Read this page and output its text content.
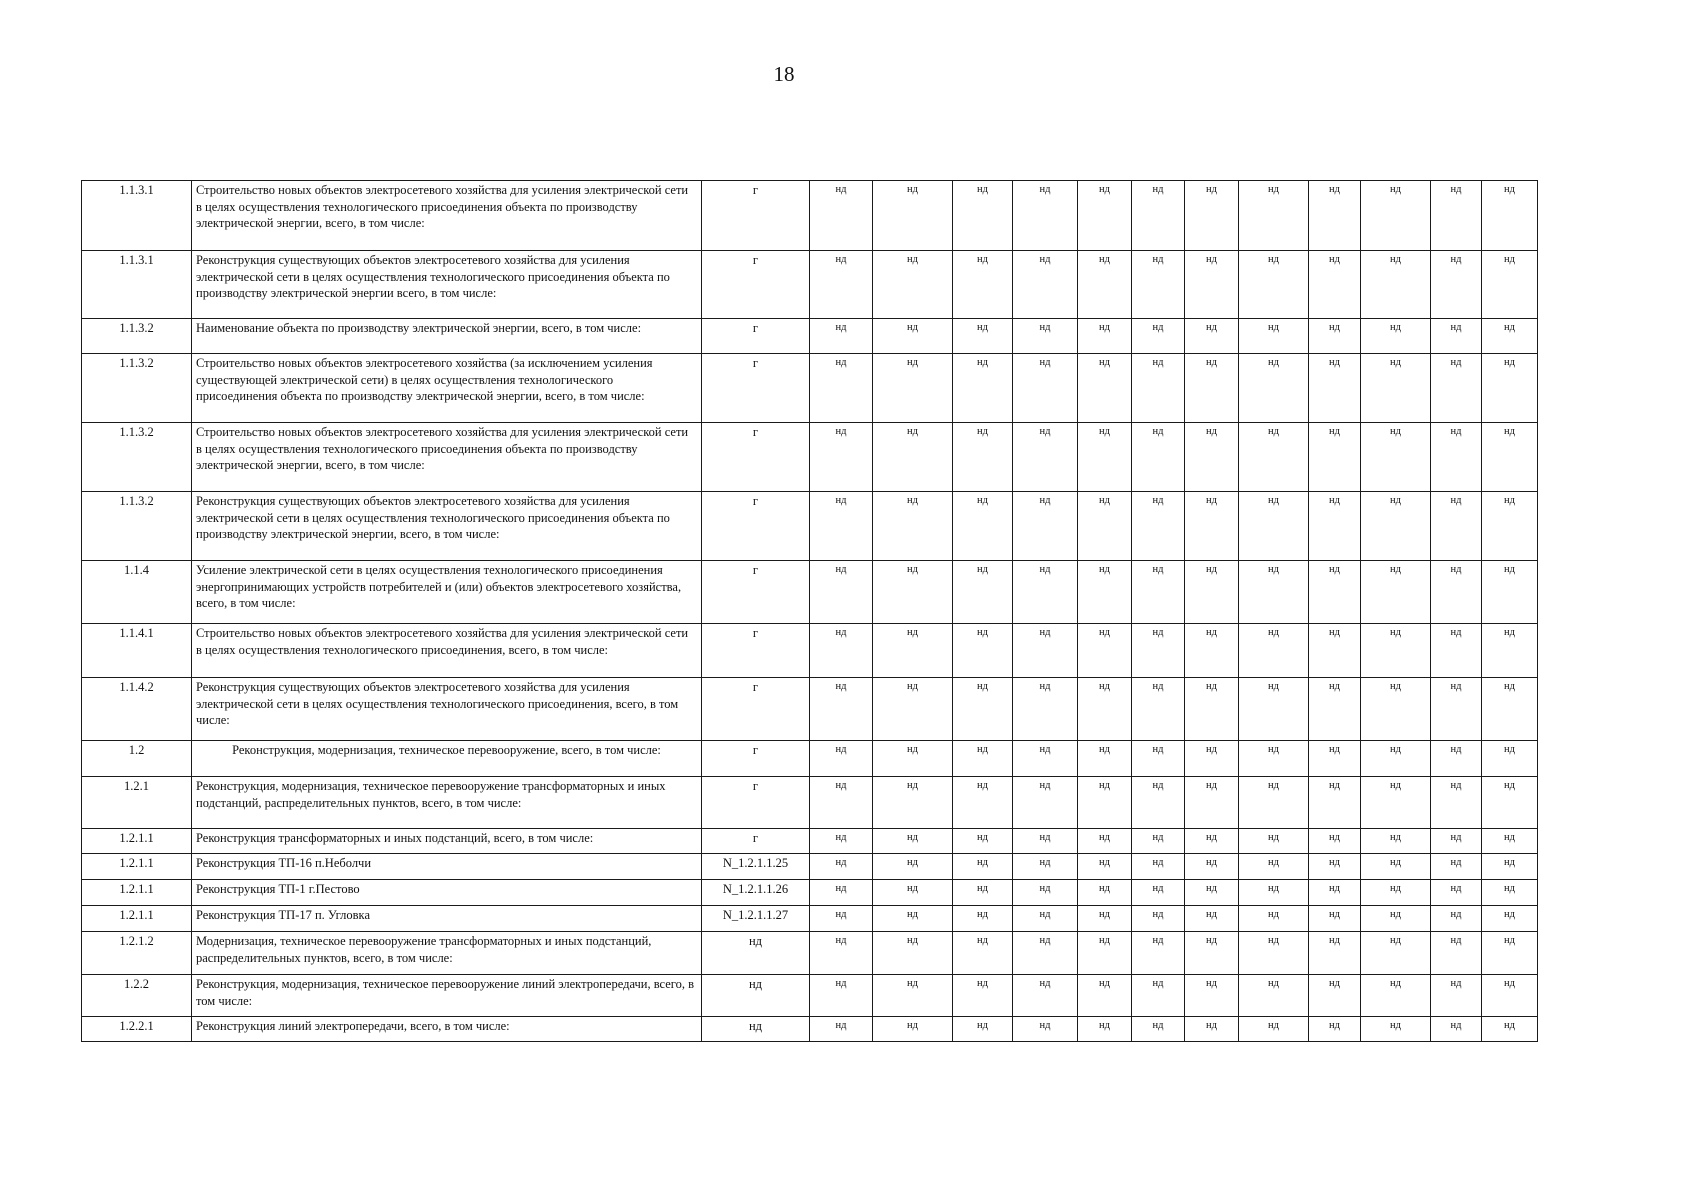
18
1.1.3.1	Строительство новых объектов электросетевого хозяйства для усиления электрической сети в целях осуществления технологического присоединения объекта по производству электрической энергии, всего, в том числе:	г	нд	нд	нд	нд	нд	нд	нд	нд	нд	нд	нд	нд
1.1.3.1	Реконструкция существующих объектов электросетевого хозяйства для усиления электрической сети в целях осуществления технологического присоединения объекта по производству электрической энергии всего, в том числе:	г	нд	нд	нд	нд	нд	нд	нд	нд	нд	нд	нд	нд
1.1.3.2	Наименование объекта по производству электрической энергии, всего, в том числе:	г	нд	нд	нд	нд	нд	нд	нд	нд	нд	нд	нд	нд
1.1.3.2	Строительство новых объектов электросетевого хозяйства (за исключением усиления существующей электрической сети) в целях осуществления технологического присоединения объекта по производству электрической энергии, всего, в том числе:	г	нд	нд	нд	нд	нд	нд	нд	нд	нд	нд	нд	нд
1.1.3.2	Строительство новых объектов электросетевого хозяйства для усиления электрической сети в целях осуществления технологического присоединения объекта по производству электрической энергии, всего, в том числе:	г	нд	нд	нд	нд	нд	нд	нд	нд	нд	нд	нд	нд
1.1.3.2	Реконструкция существующих объектов электросетевого хозяйства для усиления электрической сети в целях осуществления технологического присоединения объекта по производству электрической энергии, всего, в том числе:	г	нд	нд	нд	нд	нд	нд	нд	нд	нд	нд	нд	нд
1.1.4	Усиление электрической сети в целях осуществления технологического присоединения энергопринимающих устройств потребителей и (или) объектов электросетевого хозяйства, всего, в том числе:	г	нд	нд	нд	нд	нд	нд	нд	нд	нд	нд	нд	нд
1.1.4.1	Строительство новых объектов электросетевого хозяйства для усиления электрической сети в целях осуществления технологического присоединения, всего, в том числе:	г	нд	нд	нд	нд	нд	нд	нд	нд	нд	нд	нд	нд
1.1.4.2	Реконструкция существующих объектов электросетевого хозяйства для усиления электрической сети в целях осуществления технологического присоединения, всего, в том числе:	г	нд	нд	нд	нд	нд	нд	нд	нд	нд	нд	нд	нд
1.2	Реконструкция, модернизация, техническое перевооружение, всего, в том числе:	г	нд	нд	нд	нд	нд	нд	нд	нд	нд	нд	нд	нд
1.2.1	Реконструкция, модернизация, техническое перевооружение трансформаторных и иных подстанций, распределительных пунктов, всего, в том числе:	г	нд	нд	нд	нд	нд	нд	нд	нд	нд	нд	нд	нд
1.2.1.1	Реконструкция трансформаторных и иных подстанций, всего, в том числе:	г	нд	нд	нд	нд	нд	нд	нд	нд	нд	нд	нд	нд
1.2.1.1	Реконструкция ТП-16 п.Неболчи	N_1.2.1.1.25	нд	нд	нд	нд	нд	нд	нд	нд	нд	нд	нд	нд
1.2.1.1	Реконструкция ТП-1 г.Пестово	N_1.2.1.1.26	нд	нд	нд	нд	нд	нд	нд	нд	нд	нд	нд	нд
1.2.1.1	Реконструкция ТП-17 п. Угловка	N_1.2.1.1.27	нд	нд	нд	нд	нд	нд	нд	нд	нд	нд	нд	нд
1.2.1.2	Модернизация, техническое перевооружение трансформаторных и иных подстанций, распределительных пунктов, всего, в том числе:	нд	нд	нд	нд	нд	нд	нд	нд	нд	нд	нд	нд	нд
1.2.2	Реконструкция, модернизация, техническое перевооружение линий электропередачи, всего, в том числе:	нд	нд	нд	нд	нд	нд	нд	нд	нд	нд	нд	нд	нд
1.2.2.1	Реконструкция линий электропередачи, всего, в том числе:	нд	нд	нд	нд	нд	нд	нд	нд	нд	нд	нд	нд	нд
